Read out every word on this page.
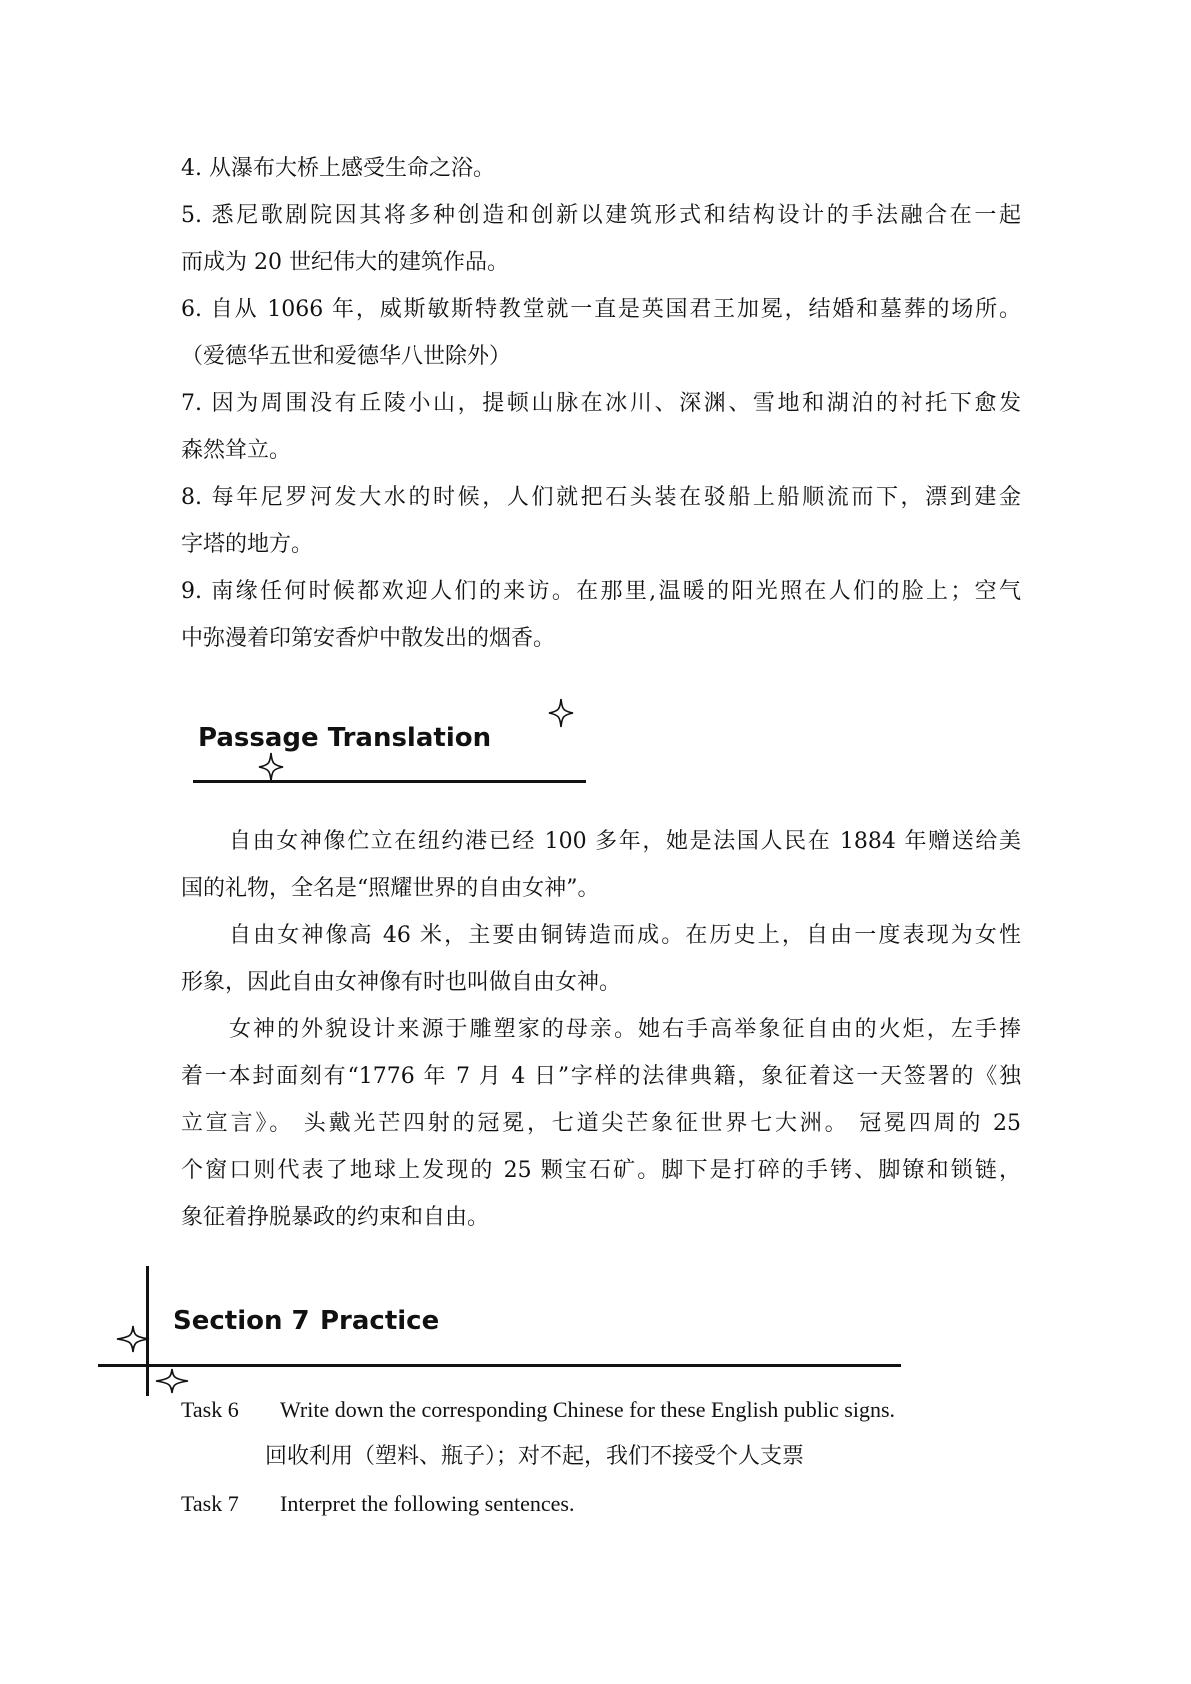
4. 从瀑布大桥上感受生命之浴。
5. 悉尼歌剧院因其将多种创造和创新以建筑形式和结构设计的手法融合在一起
而成为 20 世纪伟大的建筑作品。
6. 自从 1066 年，威斯敏斯特教堂就一直是英国君王加冕，结婚和墓葬的场所。
（爱德华五世和爱德华八世除外）
7. 因为周围没有丘陵小山，提顿山脉在冰川、深渊、雪地和湖泊的衬托下愈发
森然耸立。
8. 每年尼罗河发大水的时候，人们就把石头装在驳船上船顺流而下，漂到建金
字塔的地方。
9. 南缘任何时候都欢迎人们的来访。在那里,温暖的阳光照在人们的脸上；空气
中弥漫着印第安香炉中散发出的烟香。
Passage Translation
自由女神像伫立在纽约港已经 100 多年，她是法国人民在 1884 年赠送给美
国的礼物，全名是“照耀世界的自由女神”。
自由女神像高 46 米，主要由铜铸造而成。在历史上，自由一度表现为女性
形象，因此自由女神像有时也叫做自由女神。
女神的外貌设计来源于雕塑家的母亲。她右手高举象征自由的火炬，左手捧
着一本封面刻有“1776 年 7 月 4 日”字样的法律典籍，象征着这一天签署的《独
立宣言》。 头戴光芒四射的冠冕，七道尖芒象征世界七大洲。 冠冕四周的 25
个窗口则代表了地球上发现的 25 颗宝石矿。脚下是打碎的手铐、脚镣和锁链，
象征着挣脱暴政的约束和自由。
Section 7 Practice
Task 6 Write down the corresponding Chinese for these English public signs.
回收利用（塑料、瓶子）；对不起，我们不接受个人支票
Task 7 Interpret the following sentences.
